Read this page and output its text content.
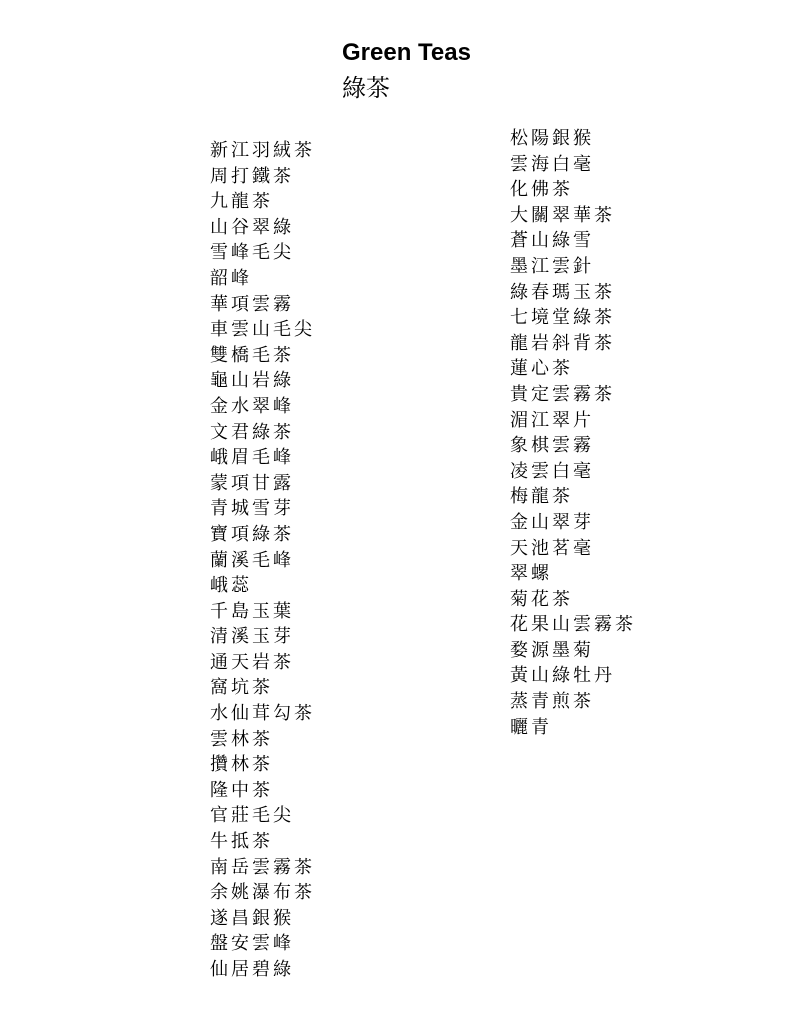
Green Teas
綠茶
新江羽絨茶
周打鐵茶
九龍茶
山谷翠綠
雪峰毛尖
韶峰
華項雲霧
車雲山毛尖
雙橋毛茶
龜山岩綠
金水翠峰
文君綠茶
峨眉毛峰
蒙項甘露
青城雪芽
寶項綠茶
蘭溪毛峰
峨蕊
千島玉葉
清溪玉芽
通天岩茶
窩坑茶
水仙茸勾茶
雲林茶
攢林茶
隆中茶
官莊毛尖
牛抵茶
南岳雲霧茶
余姚瀑布茶
遂昌銀猴
盤安雲峰
仙居碧綠
松陽銀猴
雲海白毫
化佛茶
大關翠華茶
蒼山綠雪
墨江雲針
綠春瑪玉茶
七境堂綠茶
龍岩斜背茶
蓮心茶
貴定雲霧茶
湄江翠片
象棋雲霧
凌雲白毫
梅龍茶
金山翠芽
天池茗毫
翠螺
菊花茶
花果山雲霧茶
婺源墨菊
黃山綠牡丹
蒸青煎茶
曬青
